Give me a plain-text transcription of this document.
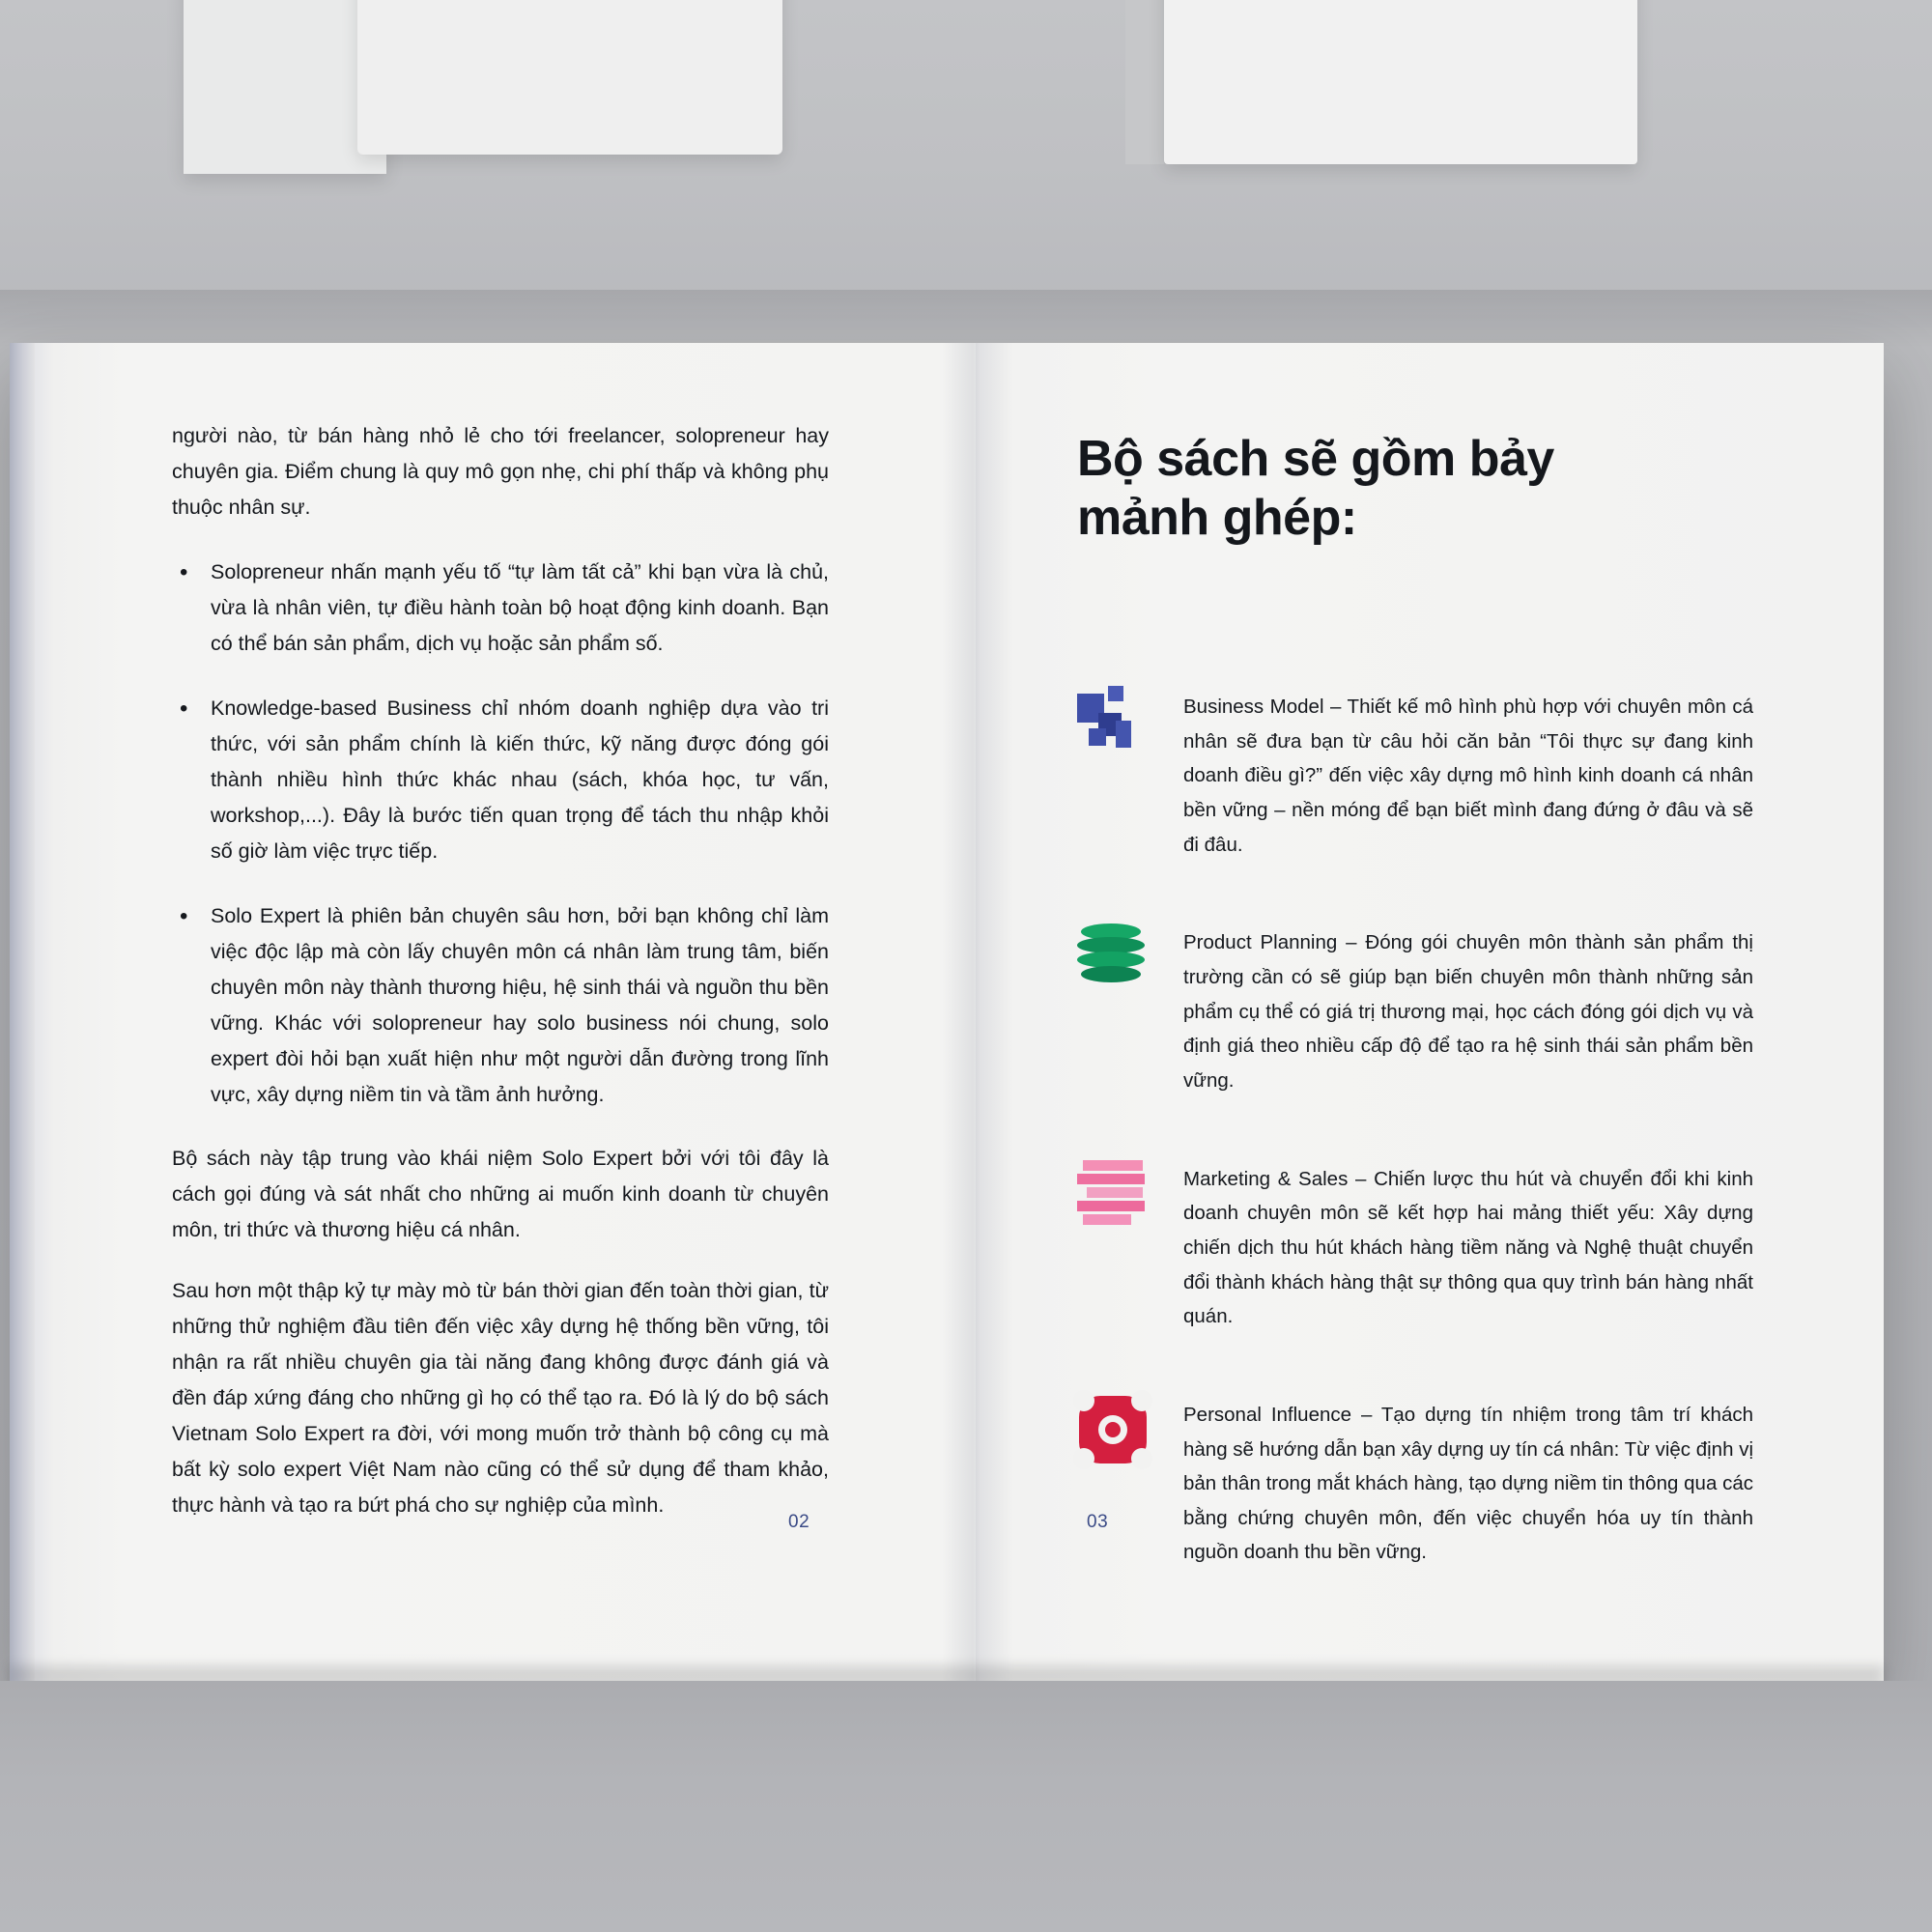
người nào, từ bán hàng nhỏ lẻ cho tới freelancer, solopreneur hay chuyên gia. Điểm chung là quy mô gọn nhẹ, chi phí thấp và không phụ thuộc nhân sự.

• Solopreneur nhấn mạnh yếu tố “tự làm tất cả” khi bạn vừa là chủ, vừa là nhân viên, tự điều hành toàn bộ hoạt động kinh doanh. Bạn có thể bán sản phẩm, dịch vụ hoặc sản phẩm số.
• Knowledge-based Business chỉ nhóm doanh nghiệp dựa vào tri thức, với sản phẩm chính là kiến thức, kỹ năng được đóng gói thành nhiều hình thức khác nhau (sách, khóa học, tư vấn, workshop,...). Đây là bước tiến quan trọng để tách thu nhập khỏi số giờ làm việc trực tiếp.
• Solo Expert là phiên bản chuyên sâu hơn, bởi bạn không chỉ làm việc độc lập mà còn lấy chuyên môn cá nhân làm trung tâm, biến chuyên môn này thành thương hiệu, hệ sinh thái và nguồn thu bền vững. Khác với solopreneur hay solo business nói chung, solo expert đòi hỏi bạn xuất hiện như một người dẫn đường trong lĩnh vực, xây dựng niềm tin và tầm ảnh hưởng.

Bộ sách này tập trung vào khái niệm Solo Expert bởi với tôi đây là cách gọi đúng và sát nhất cho những ai muốn kinh doanh từ chuyên môn, tri thức và thương hiệu cá nhân.

Sau hơn một thập kỷ tự mày mò từ bán thời gian đến toàn thời gian, từ những thử nghiệm đầu tiên đến việc xây dựng hệ thống bền vững, tôi nhận ra rất nhiều chuyên gia tài năng đang không được đánh giá và đền đáp xứng đáng cho những gì họ có thể tạo ra. Đó là lý do bộ sách Vietnam Solo Expert ra đời, với mong muốn trở thành bộ công cụ mà bất kỳ solo expert Việt Nam nào cũng có thể sử dụng để tham khảo, thực hành và tạo ra bứt phá cho sự nghiệp của mình.

Bộ sách sẽ gồm bảy mảnh ghép:
Business Model – Thiết kế mô hình phù hợp với chuyên môn cá nhân sẽ đưa bạn từ câu hỏi căn bản “Tôi thực sự đang kinh doanh điều gì?” đến việc xây dựng mô hình kinh doanh cá nhân bền vững – nền móng để bạn biết mình đang đứng ở đâu và sẽ đi đâu.
Product Planning – Đóng gói chuyên môn thành sản phẩm thị trường cần có sẽ giúp bạn biến chuyên môn thành những sản phẩm cụ thể có giá trị thương mại, học cách đóng gói dịch vụ và định giá theo nhiều cấp độ để tạo ra hệ sinh thái sản phẩm bền vững.
Marketing & Sales – Chiến lược thu hút và chuyển đổi khi kinh doanh chuyên môn sẽ kết hợp hai mảng thiết yếu: Xây dựng chiến dịch thu hút khách hàng tiềm năng và Nghệ thuật chuyển đổi thành khách hàng thật sự thông qua quy trình bán hàng nhất quán.
Personal Influence – Tạo dựng tín nhiệm trong tâm trí khách hàng sẽ hướng dẫn bạn xây dựng uy tín cá nhân: Từ việc định vị bản thân trong mắt khách hàng, tạo dựng niềm tin thông qua các bằng chứng chuyên môn, đến việc chuyển hóa uy tín thành nguồn doanh thu bền vững.
02	03
